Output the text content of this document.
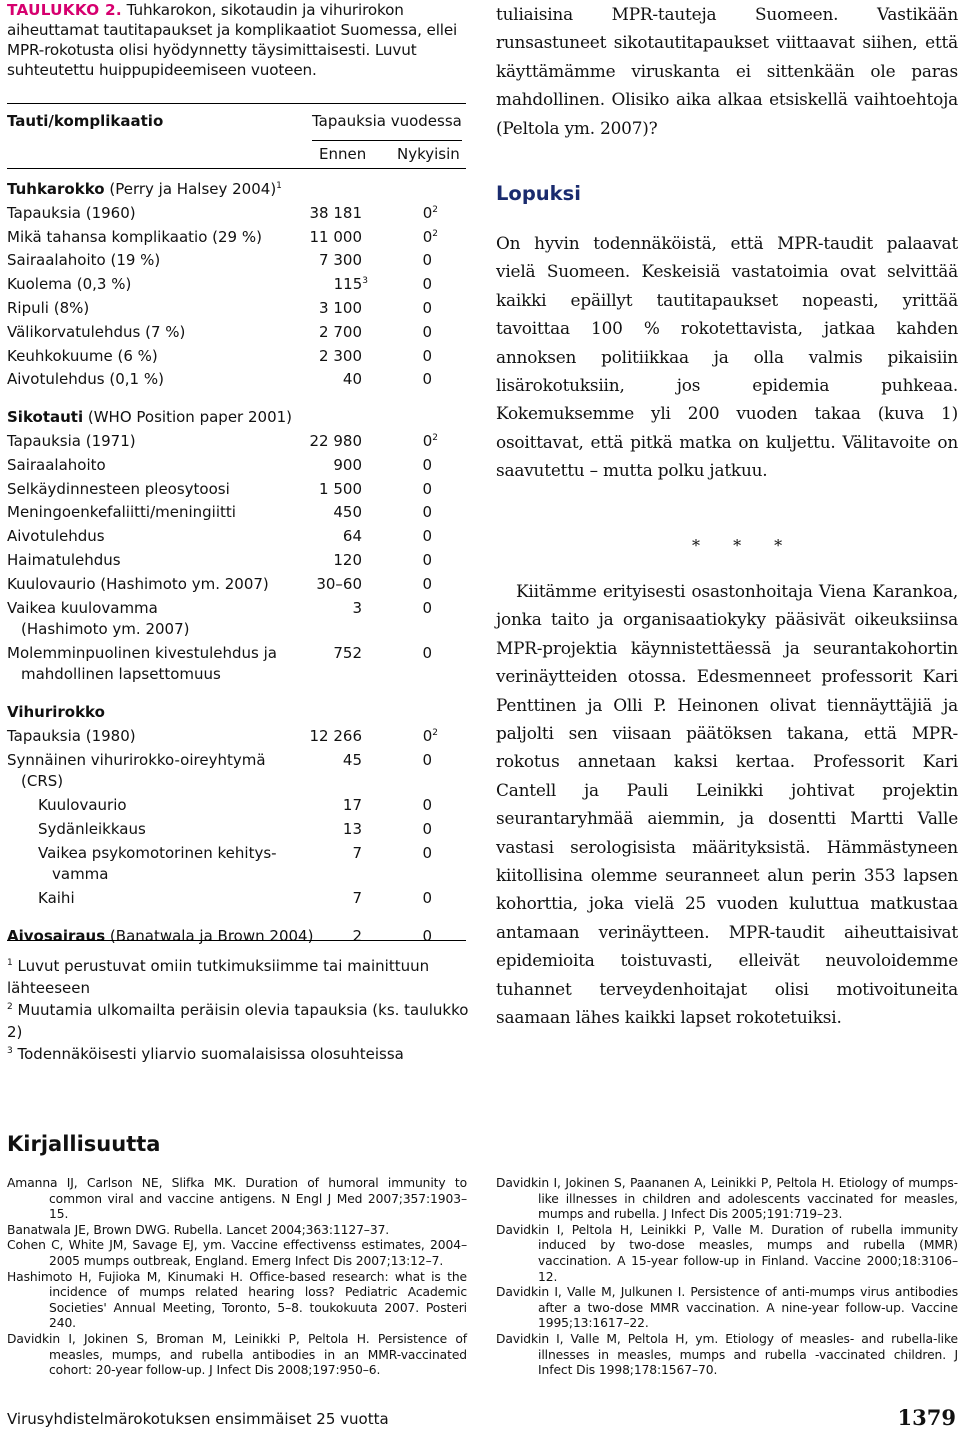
TAULUKKO 2. Tuhkarokon, sikotaudin ja vihurirokon aiheuttamat tautitapaukset ja komplikaatiot Suomessa, ellei MPR-rokotusta olisi hyödynnetty täysimittaisesti. Luvut suhteutettu huippupideemiseen vuoteen.

Tauti/komplikaatio	Tapauksia vuodessa
Ennen Nykyisin
Tuhkarokko (Perry ja Halsey 2004)$^1$
Tapauksia (1960)	38 181	$0^2$
Mikä tahansa komplikaatio (29 %)	11 000	$0^2$
Sairaalahoito (19 %)	7 300	0
Kuolema (0,3 %)	$115^3$	0
Ripuli (8%)	3 100	0
Välikorvatulehdus (7 %)	2 700	0
Keuhkokuume (6 %)	2 300	0
Aivotulehdus (0,1 %)	40	0
Sikotauti (WHO Position paper 2001)
Tapauksia (1971)	22 980	$0^2$
Sairaalahoito	900	0
Selkäydinnesteen pleosytoosi	1 500	0
Meningoenkefaliitti/meningiitti	450	0
Aivotulehdus	64	0
Haimatulehdus	120	0
Kuulovaurio (Hashimoto ym. 2007)	30–60	0
Vaikea kuulovamma	3	0
(Hashimoto ym. 2007)
Molemminpuolinen kivestulehdus ja	752	0
mahdollinen lapsettomuus
Vihurirokko
Tapauksia (1980)	12 266	$0^2$
Synnäinen vihurirokko-oireyhtymä	45	0
(CRS)
Kuulovaurio	17	0
Sydänleikkaus	13	0
Vaikea psykomotorinen kehitys-	7	0
vamma
Kaihi	7	0
Aivosairaus (Banatwala ja Brown 2004)	2	0
$^1$ Luvut perustuvat omiin tutkimuksiimme tai mainittuun lähteeseen
$^2$ Muutamia ulkomailta peräisin olevia tapauksia (ks. taulukko 2)
$^3$ Todennäköisesti yliarvio suomalaisissa olosuhteissa

tuliaisina MPR-tauteja Suomeen. Vastikään runsastuneet sikotautitapaukset viittaavat siihen, että käyttämämme viruskanta ei sittenkään ole paras mahdollinen. Olisiko aika alkaa etsiskellä vaihtoehtoja (Peltola ym. 2007)?

Lopuksi

On hyvin todennäköistä, että MPR-taudit palaavat vielä Suomeen. Keskeisiä vastatoimia ovat selvittää kaikki epäillyt tautitapaukset nopeasti, yrittää tavoittaa 100 % rokotettavista, jatkaa kahden annoksen politiikkaa ja olla valmis pikaisiin lisärokotuksiin, jos epidemia puhkeaa. Kokemuksemme yli 200 vuoden takaa (kuva 1) osoittavat, että pitkä matka on kuljettu. Välitavoite on saavutettu – mutta polku jatkuu.

* * *

Kiitämme erityisesti osastonhoitaja Viena Karankoa, jonka taito ja organisaatiokyky pääsivät oikeuksiinsa MPR-projektia käynnistettäessä ja seurantakohortin verinäytteiden otossa. Edesmenneet professorit Kari Penttinen ja Olli P. Heinonen olivat tiennäyttäjiä ja paljolti sen viisaan päätöksen takana, että MPR-rokotus annetaan kaksi kertaa. Professorit Kari Cantell ja Pauli Leinikki johtivat projektin seurantaryhmää aiemmin, ja dosentti Martti Valle vastasi serologisista määrityksistä. Hämmästyneen kiitollisina olemme seuranneet alun perin 353 lapsen kohorttia, joka vielä 25 vuoden kuluttua matkustaa antamaan verinäytteen. MPR-taudit aiheuttaisivat epidemioita toistuvasti, elleivät neuvoloidemme tuhannet terveydenhoitajat olisi motivoituneita saamaan lähes kaikki lapset rokotetuiksi.

Kirjallisuutta

Amanna IJ, Carlson NE, Slifka MK. Duration of humoral immunity to common viral and vaccine antigens. N Engl J Med 2007;357:1903–15.

Banatwala JE, Brown DWG. Rubella. Lancet 2004;363:1127–37.

Cohen C, White JM, Savage EJ, ym. Vaccine effectivenss estimates, 2004–2005 mumps outbreak, England. Emerg Infect Dis 2007;13:12–7.

Hashimoto H, Fujioka M, Kinumaki H. Office-based research: what is the incidence of mumps related hearing loss? Pediatric Academic Societies' Annual Meeting, Toronto, 5–8. toukokuuta 2007. Posteri 240.

Davidkin I, Jokinen S, Broman M, Leinikki P, Peltola H. Persistence of measles, mumps, and rubella antibodies in an MMR-vaccinated cohort: 20-year follow-up. J Infect Dis 2008;197:950–6.

Davidkin I, Jokinen S, Paananen A, Leinikki P, Peltola H. Etiology of mumps-like illnesses in children and adolescents vaccinated for measles, mumps and rubella. J Infect Dis 2005;191:719–23.

Davidkin I, Peltola H, Leinikki P, Valle M. Duration of rubella immunity induced by two-dose measles, mumps and rubella (MMR) vaccination. A 15-year follow-up in Finland. Vaccine 2000;18:3106–12.

Davidkin I, Valle M, Julkunen I. Persistence of anti-mumps virus antibodies after a two-dose MMR vaccination. A nine-year follow-up. Vaccine 1995;13:1617–22.

Davidkin I, Valle M, Peltola H, ym. Etiology of measles- and rubella-like illnesses in measles, mumps and rubella -vaccinated children. J Infect Dis 1998;178:1567–70.

Virusyhdistelmärokotuksen ensimmäiset 25 vuotta	1379
